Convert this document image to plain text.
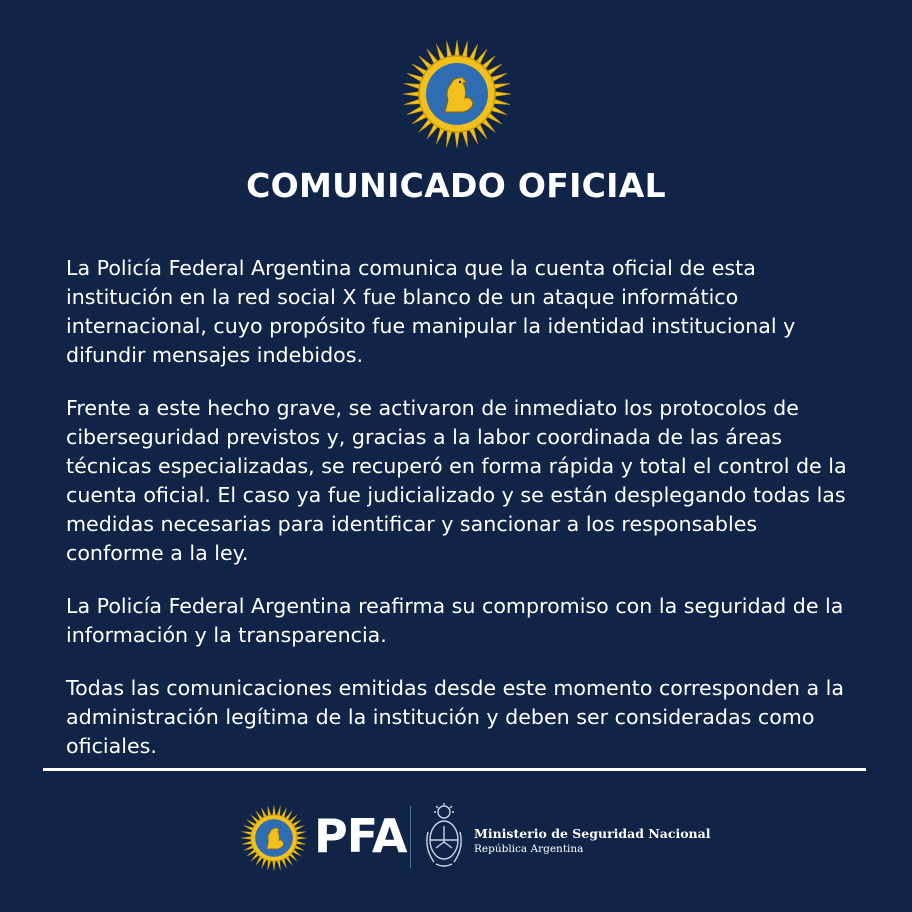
COMUNICADO OFICIAL

La Policía Federal Argentina comunica que la cuenta oficial de esta institución en la red social X fue blanco de un ataque informático internacional, cuyo propósito fue manipular la identidad institucional y difundir mensajes indebidos.

Frente a este hecho grave, se activaron de inmediato los protocolos de ciberseguridad previstos y, gracias a la labor coordinada de las áreas técnicas especializadas, se recuperó en forma rápida y total el control de la cuenta oficial. El caso ya fue judicializado y se están desplegando todas las medidas necesarias para identificar y sancionar a los responsables conforme a la ley.

La Policía Federal Argentina reafirma su compromiso con la seguridad de la información y la transparencia.

Todas las comunicaciones emitidas desde este momento corresponden a la administración legítima de la institución y deben ser consideradas como oficiales.

PFA	Ministerio de Seguridad Nacional
República Argentina
